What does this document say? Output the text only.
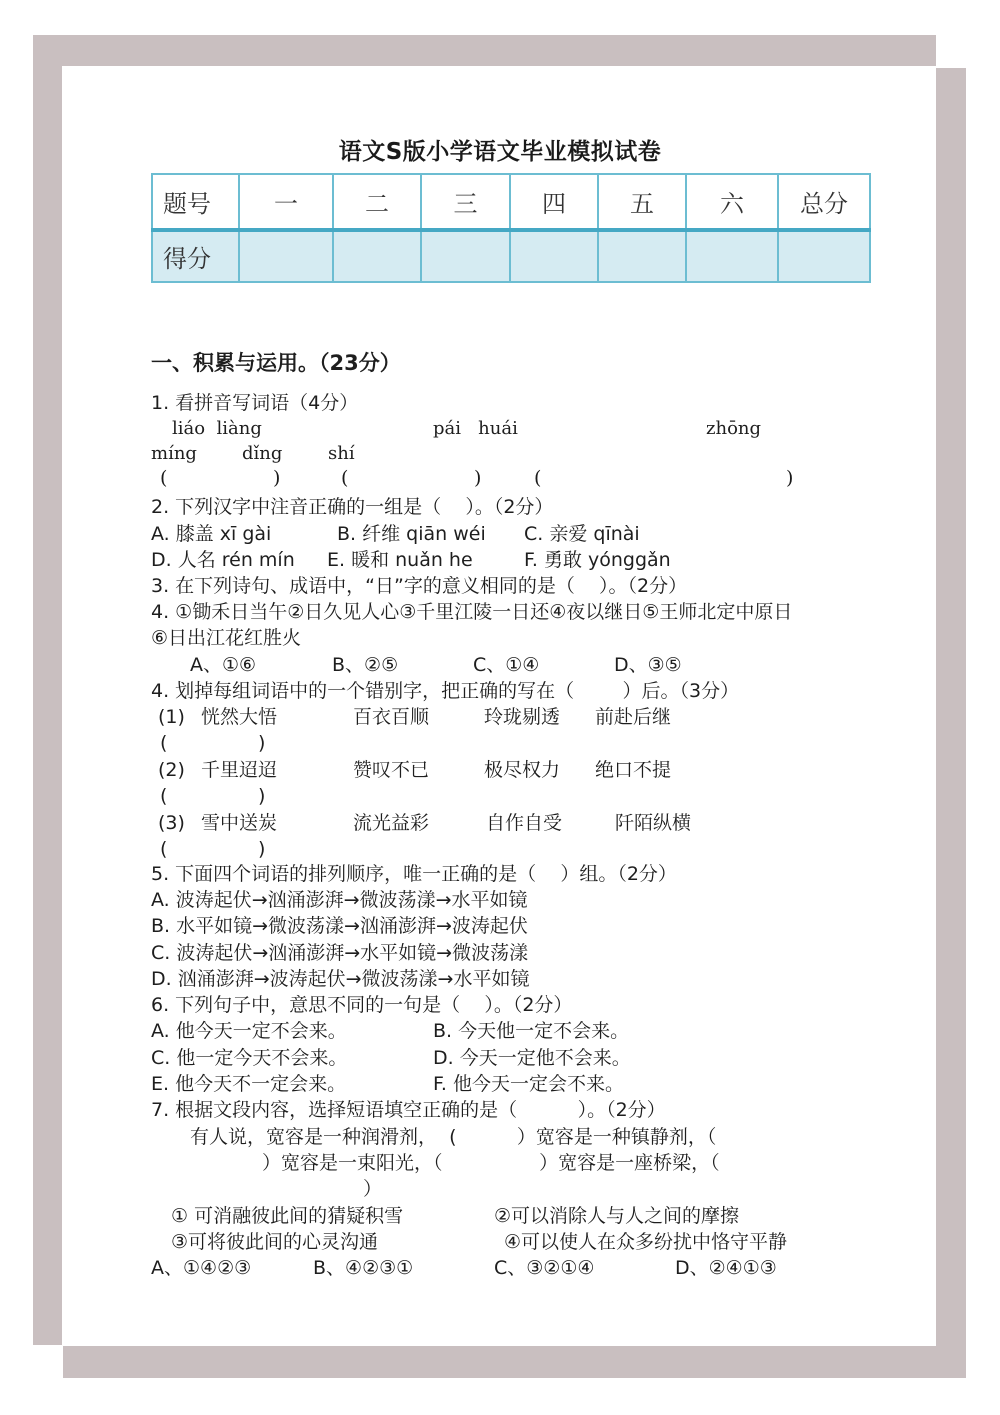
语文S版小学语文毕业模拟试卷
题号	一	二	三	四	五	六	总分
得分							
一、积累与运用。（23分）
1. 看拼音写词语（4分）
liáo  liàng	pái   huái	zhōng
míng	dǐng	shí
(	)	(	)	(	)
2. 下列汉字中注音正确的一组是（    ）。（2分）
A. 膝盖 xī gài	B. 纤维 qiān wéi C. 亲爱 qīnài
D. 人名 rén mín E. 暖和 nuǎn he	F. 勇敢 yónggǎn
3. 在下列诗句、成语中，“日”字的意义相同的是（    ）。（2分）
4. ①锄禾日当午②日久见人心③千里江陵一日还④夜以继日⑤王师北定中原日
⑥日出江花红胜火
A、①⑥	B、②⑤	C、①④	D、③⑤
4. 划掉每组词语中的一个错别字，把正确的写在（        ）后。（3分）
(1) 恍然大悟	百衣百顺	玲珑剔透 前赴后继
(               )
(2) 千里迢迢	赞叹不已	极尽权力 绝口不提
(               )
(3) 雪中送炭	流光益彩	自作自受	阡陌纵横
(               )
5. 下面四个词语的排列顺序，唯一正确的是（    ）组。（2分）
A. 波涛起伏→汹涌澎湃→微波荡漾→水平如镜
B. 水平如镜→微波荡漾→汹涌澎湃→波涛起伏
C. 波涛起伏→汹涌澎湃→水平如镜→微波荡漾
D. 汹涌澎湃→波涛起伏→微波荡漾→水平如镜
6. 下列句子中，意思不同的一句是（    ）。（2分）
A. 他今天一定不会来。	B. 今天他一定不会来。
C. 他一定今天不会来。	D. 今天一定他不会来。
E. 他今天不一定会来。	F. 他今天一定会不来。
7. 根据文段内容，选择短语填空正确的是（          ）。（2分）
有人说，宽容是一种润滑剂，  (          ）宽容是一种镇静剂，（
）宽容是一束阳光，（                ）宽容是一座桥梁，（
）
① 可消融彼此间的猜疑积雪	②可以消除人与人之间的摩擦
③可将彼此间的心灵沟通	④可以使人在众多纷扰中恪守平静
A、①④②③	B、④②③①	C、③②①④	D、②④①③
